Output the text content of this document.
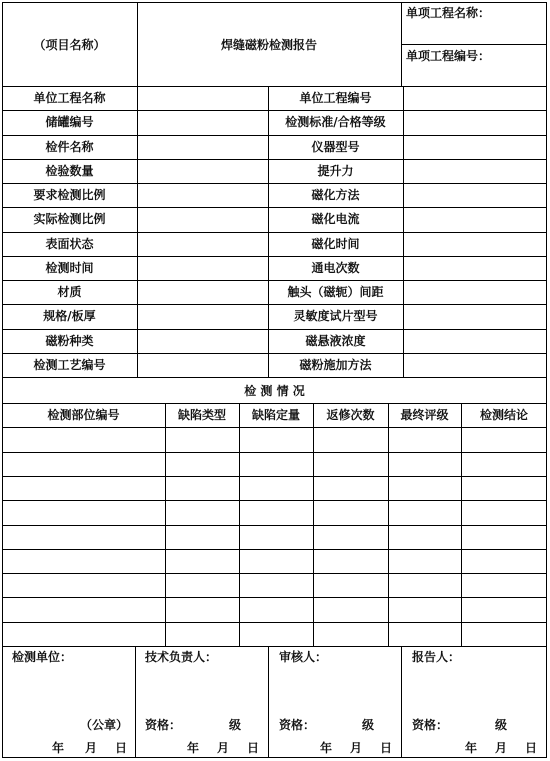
（项目名称）	焊缝磁粉检测报告
单项工程名称：
单项工程编号：
单位工程名称	单位工程编号
储罐编号	检测标准/合格等级
检件名称	仪器型号
检验数量	提升力
要求检测比例	磁化方法
实际检测比例	磁化电流
表面状态	磁化时间
检测时间	通电次数
材质	触头（磁轭）间距
规格/板厚	灵敏度试片型号
磁粉种类	磁悬液浓度
检测工艺编号	磁粉施加方法
检 测 情 况
检测部位编号	缺陷类型	缺陷定量	返修次数	最终评级	检测结论
检测单位：	技术负责人：	审核人：	报告人：
（公章） 资格：	级	资格：	级	资格：	级
年 月 日	年 月 日	年 月 日	年 月 日
